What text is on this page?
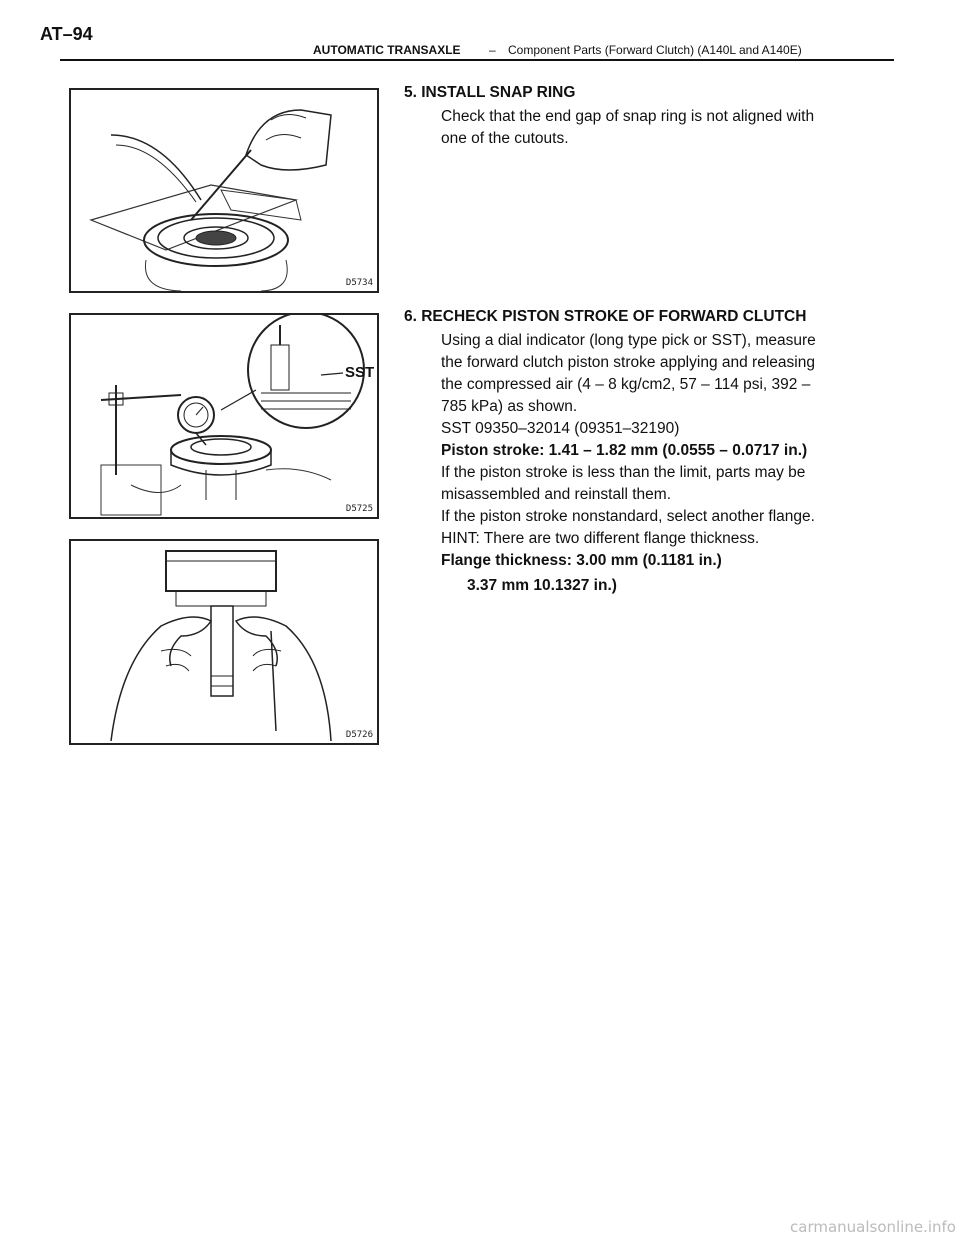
AT–94
AUTOMATIC TRANSAXLE – Component Parts (Forward Clutch) (A140L and A140E)
D5734
SST
D5725
D5726
5. INSTALL SNAP RING
Check that the end gap of snap ring is not aligned with
one of the cutouts.
6. RECHECK PISTON STROKE OF FORWARD CLUTCH
Using a dial indicator (long type pick or SST), measure
the forward clutch piston stroke applying and releasing
the compressed air (4 – 8 kg/cm2, 57 – 114 psi, 392 –
785 kPa) as shown.
SST 09350–32014 (09351–32190)
Piston stroke: 1.41 – 1.82 mm (0.0555 – 0.0717 in.)
If the piston stroke is less than the limit, parts may be
misassembled and reinstall them.
If the piston stroke nonstandard, select another flange.
HINT: There are two different flange thickness.
Flange thickness: 3.00 mm (0.1181 in.)
3.37 mm 10.1327 in.)
carmanualsonline.info
